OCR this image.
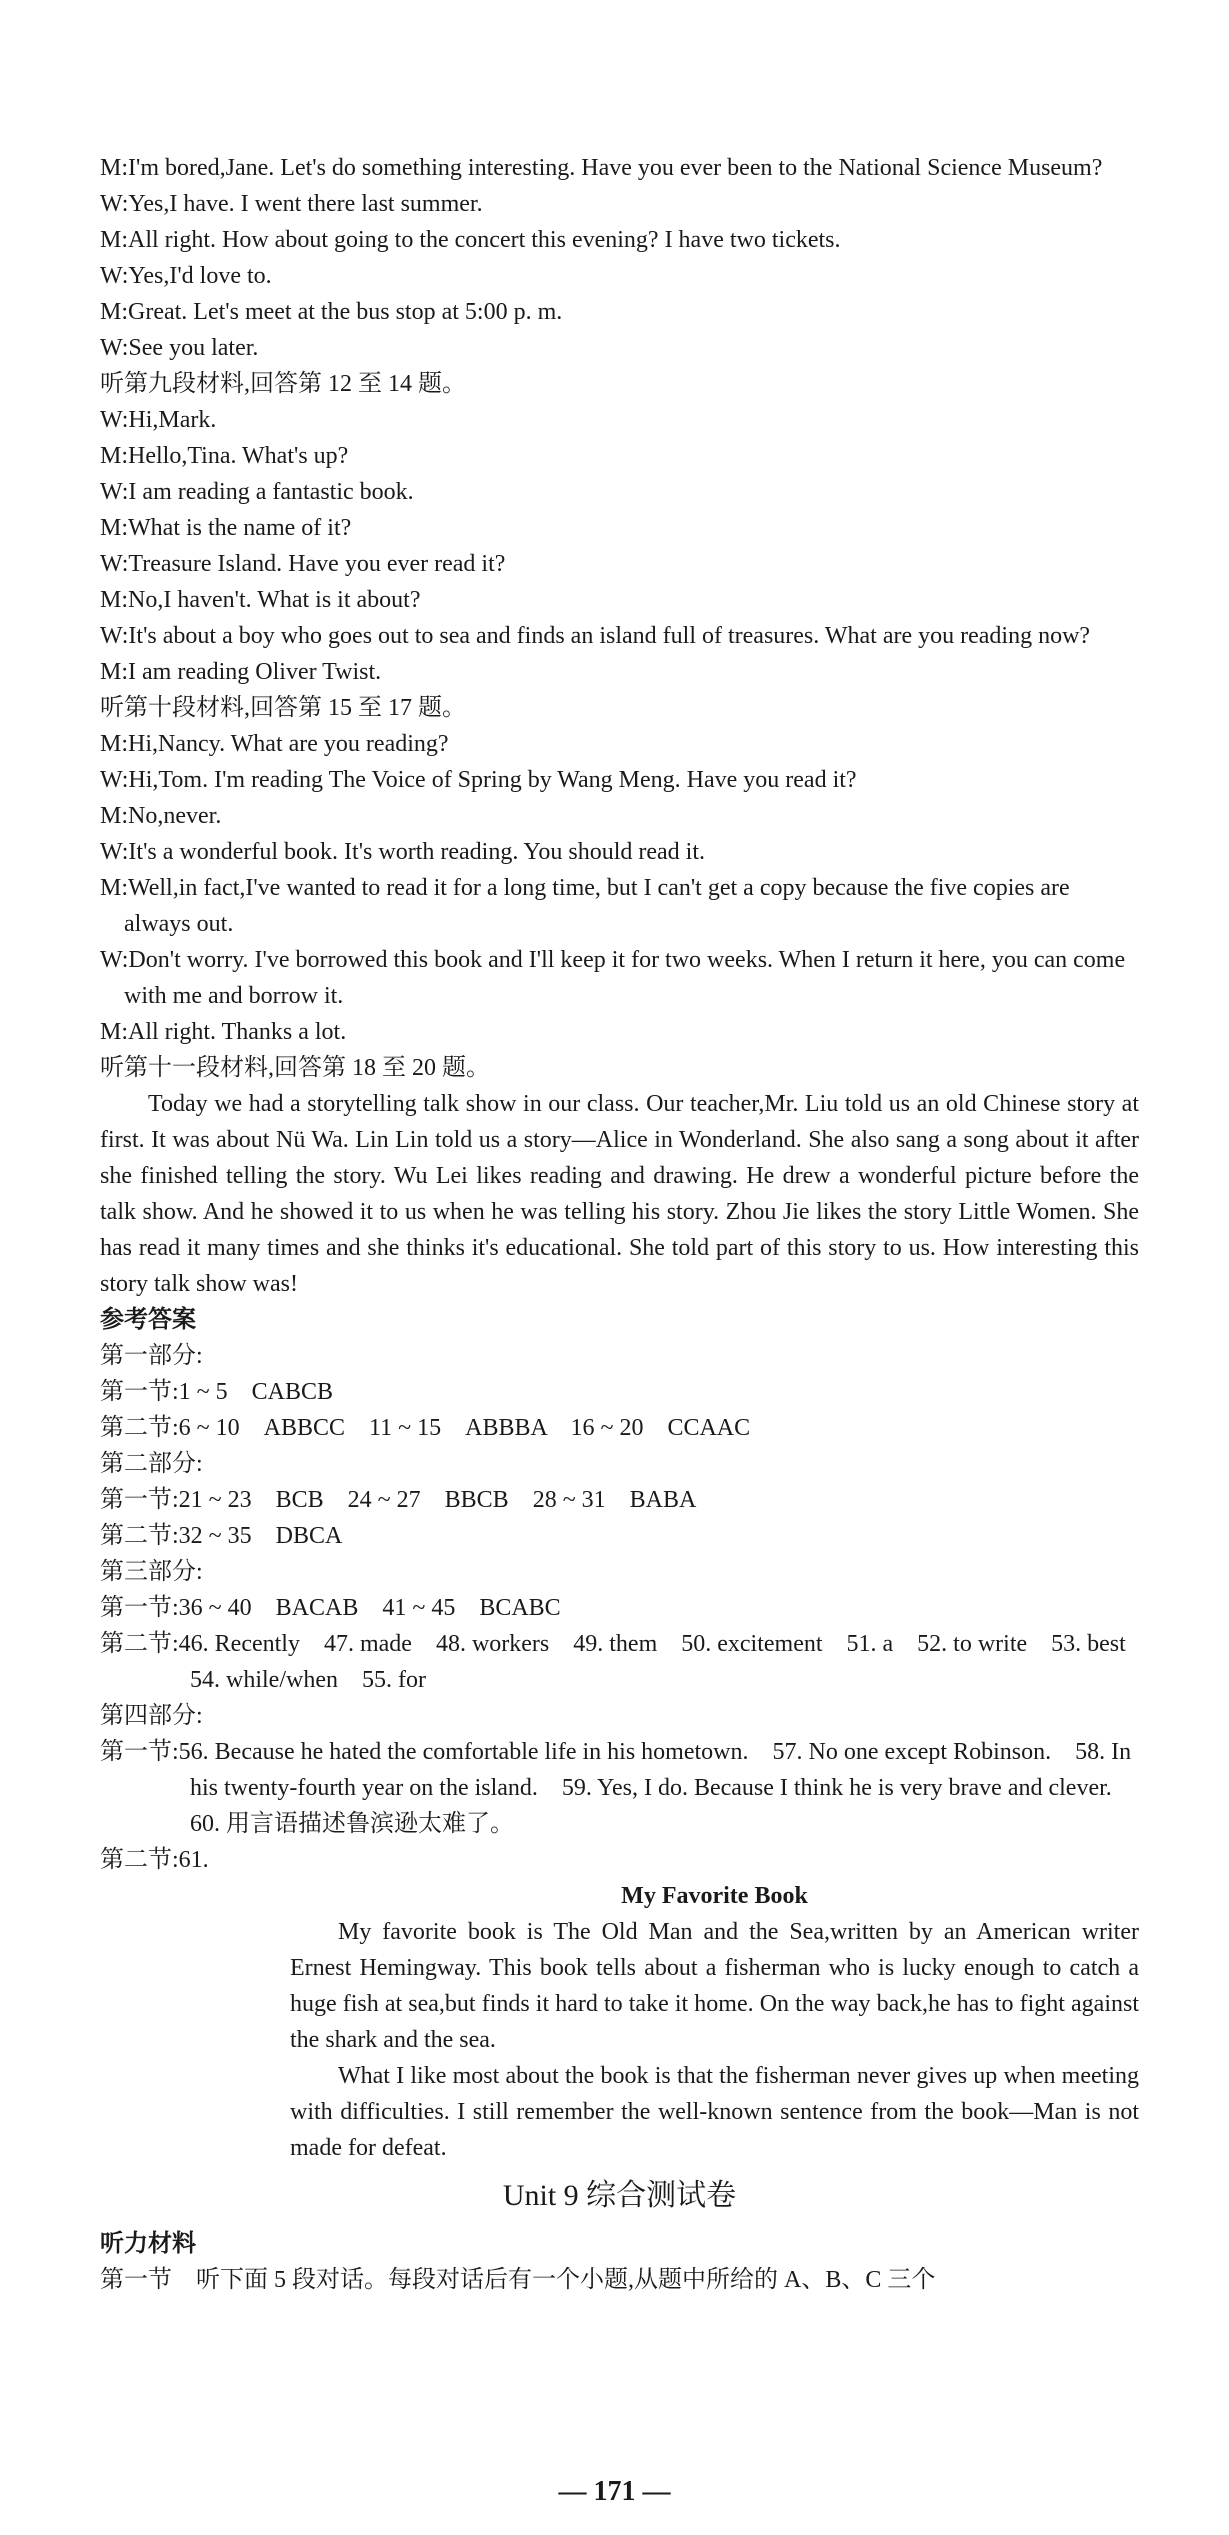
M:I'm bored,Jane. Let's do something interesting. Have you ever been to the National Science Museum?

W:Yes,I have. I went there last summer.

M:All right. How about going to the concert this evening? I have two tickets.

W:Yes,I'd love to.

M:Great. Let's meet at the bus stop at 5:00 p. m.

W:See you later.

听第九段材料,回答第 12 至 14 题。

W:Hi,Mark.

M:Hello,Tina. What's up?

W:I am reading a fantastic book.

M:What is the name of it?

W:Treasure Island. Have you ever read it?

M:No,I haven't. What is it about?

W:It's about a boy who goes out to sea and finds an island full of treasures. What are you reading now?

M:I am reading Oliver Twist.

听第十段材料,回答第 15 至 17 题。

M:Hi,Nancy. What are you reading?

W:Hi,Tom. I'm reading The Voice of Spring by Wang Meng. Have you read it?

M:No,never.

W:It's a wonderful book. It's worth reading. You should read it.

M:Well,in fact,I've wanted to read it for a long time, but I can't get a copy because the five copies are always out.

W:Don't worry. I've borrowed this book and I'll keep it for two weeks. When I return it here, you can come with me and borrow it.

M:All right. Thanks a lot.

听第十一段材料,回答第 18 至 20 题。

Today we had a storytelling talk show in our class. Our teacher,Mr. Liu told us an old Chinese story at first. It was about Nü Wa. Lin Lin told us a story—Alice in Wonderland. She also sang a song about it after she finished telling the story. Wu Lei likes reading and drawing. He drew a wonderful picture before the talk show. And he showed it to us when he was telling his story. Zhou Jie likes the story Little Women. She has read it many times and she thinks it's educational. She told part of this story to us. How interesting this story talk show was!

参考答案

第一部分:

第一节:1 ~ 5　CABCB

第二节:6 ~ 10　ABBCC　11 ~ 15　ABBBA　16 ~ 20　CCAAC

第二部分:

第一节:21 ~ 23　BCB　24 ~ 27　BBCB　28 ~ 31　BABA

第二节:32 ~ 35　DBCA

第三部分:

第一节:36 ~ 40　BACAB　41 ~ 45　BCABC

第二节:46. Recently　47. made　48. workers　49. them　50. excitement　51. a　52. to write　53. best　54. while/when　55. for

第四部分:

第一节:56. Because he hated the comfortable life in his hometown.　57. No one except Robinson.　58. In his twenty-fourth year on the island.　59. Yes, I do. Because I think he is very brave and clever.　60. 用言语描述鲁滨逊太难了。

第二节:61.

My Favorite Book

My favorite book is The Old Man and the Sea,written by an American writer Ernest Hemingway. This book tells about a fisherman who is lucky enough to catch a huge fish at sea,but finds it hard to take it home. On the way back,he has to fight against the shark and the sea.

What I like most about the book is that the fisherman never gives up when meeting with difficulties. I still remember the well-known sentence from the book—Man is not made for defeat.

Unit 9 综合测试卷

听力材料

第一节　听下面 5 段对话。每段对话后有一个小题,从题中所给的 A、B、C 三个

— 171 —
